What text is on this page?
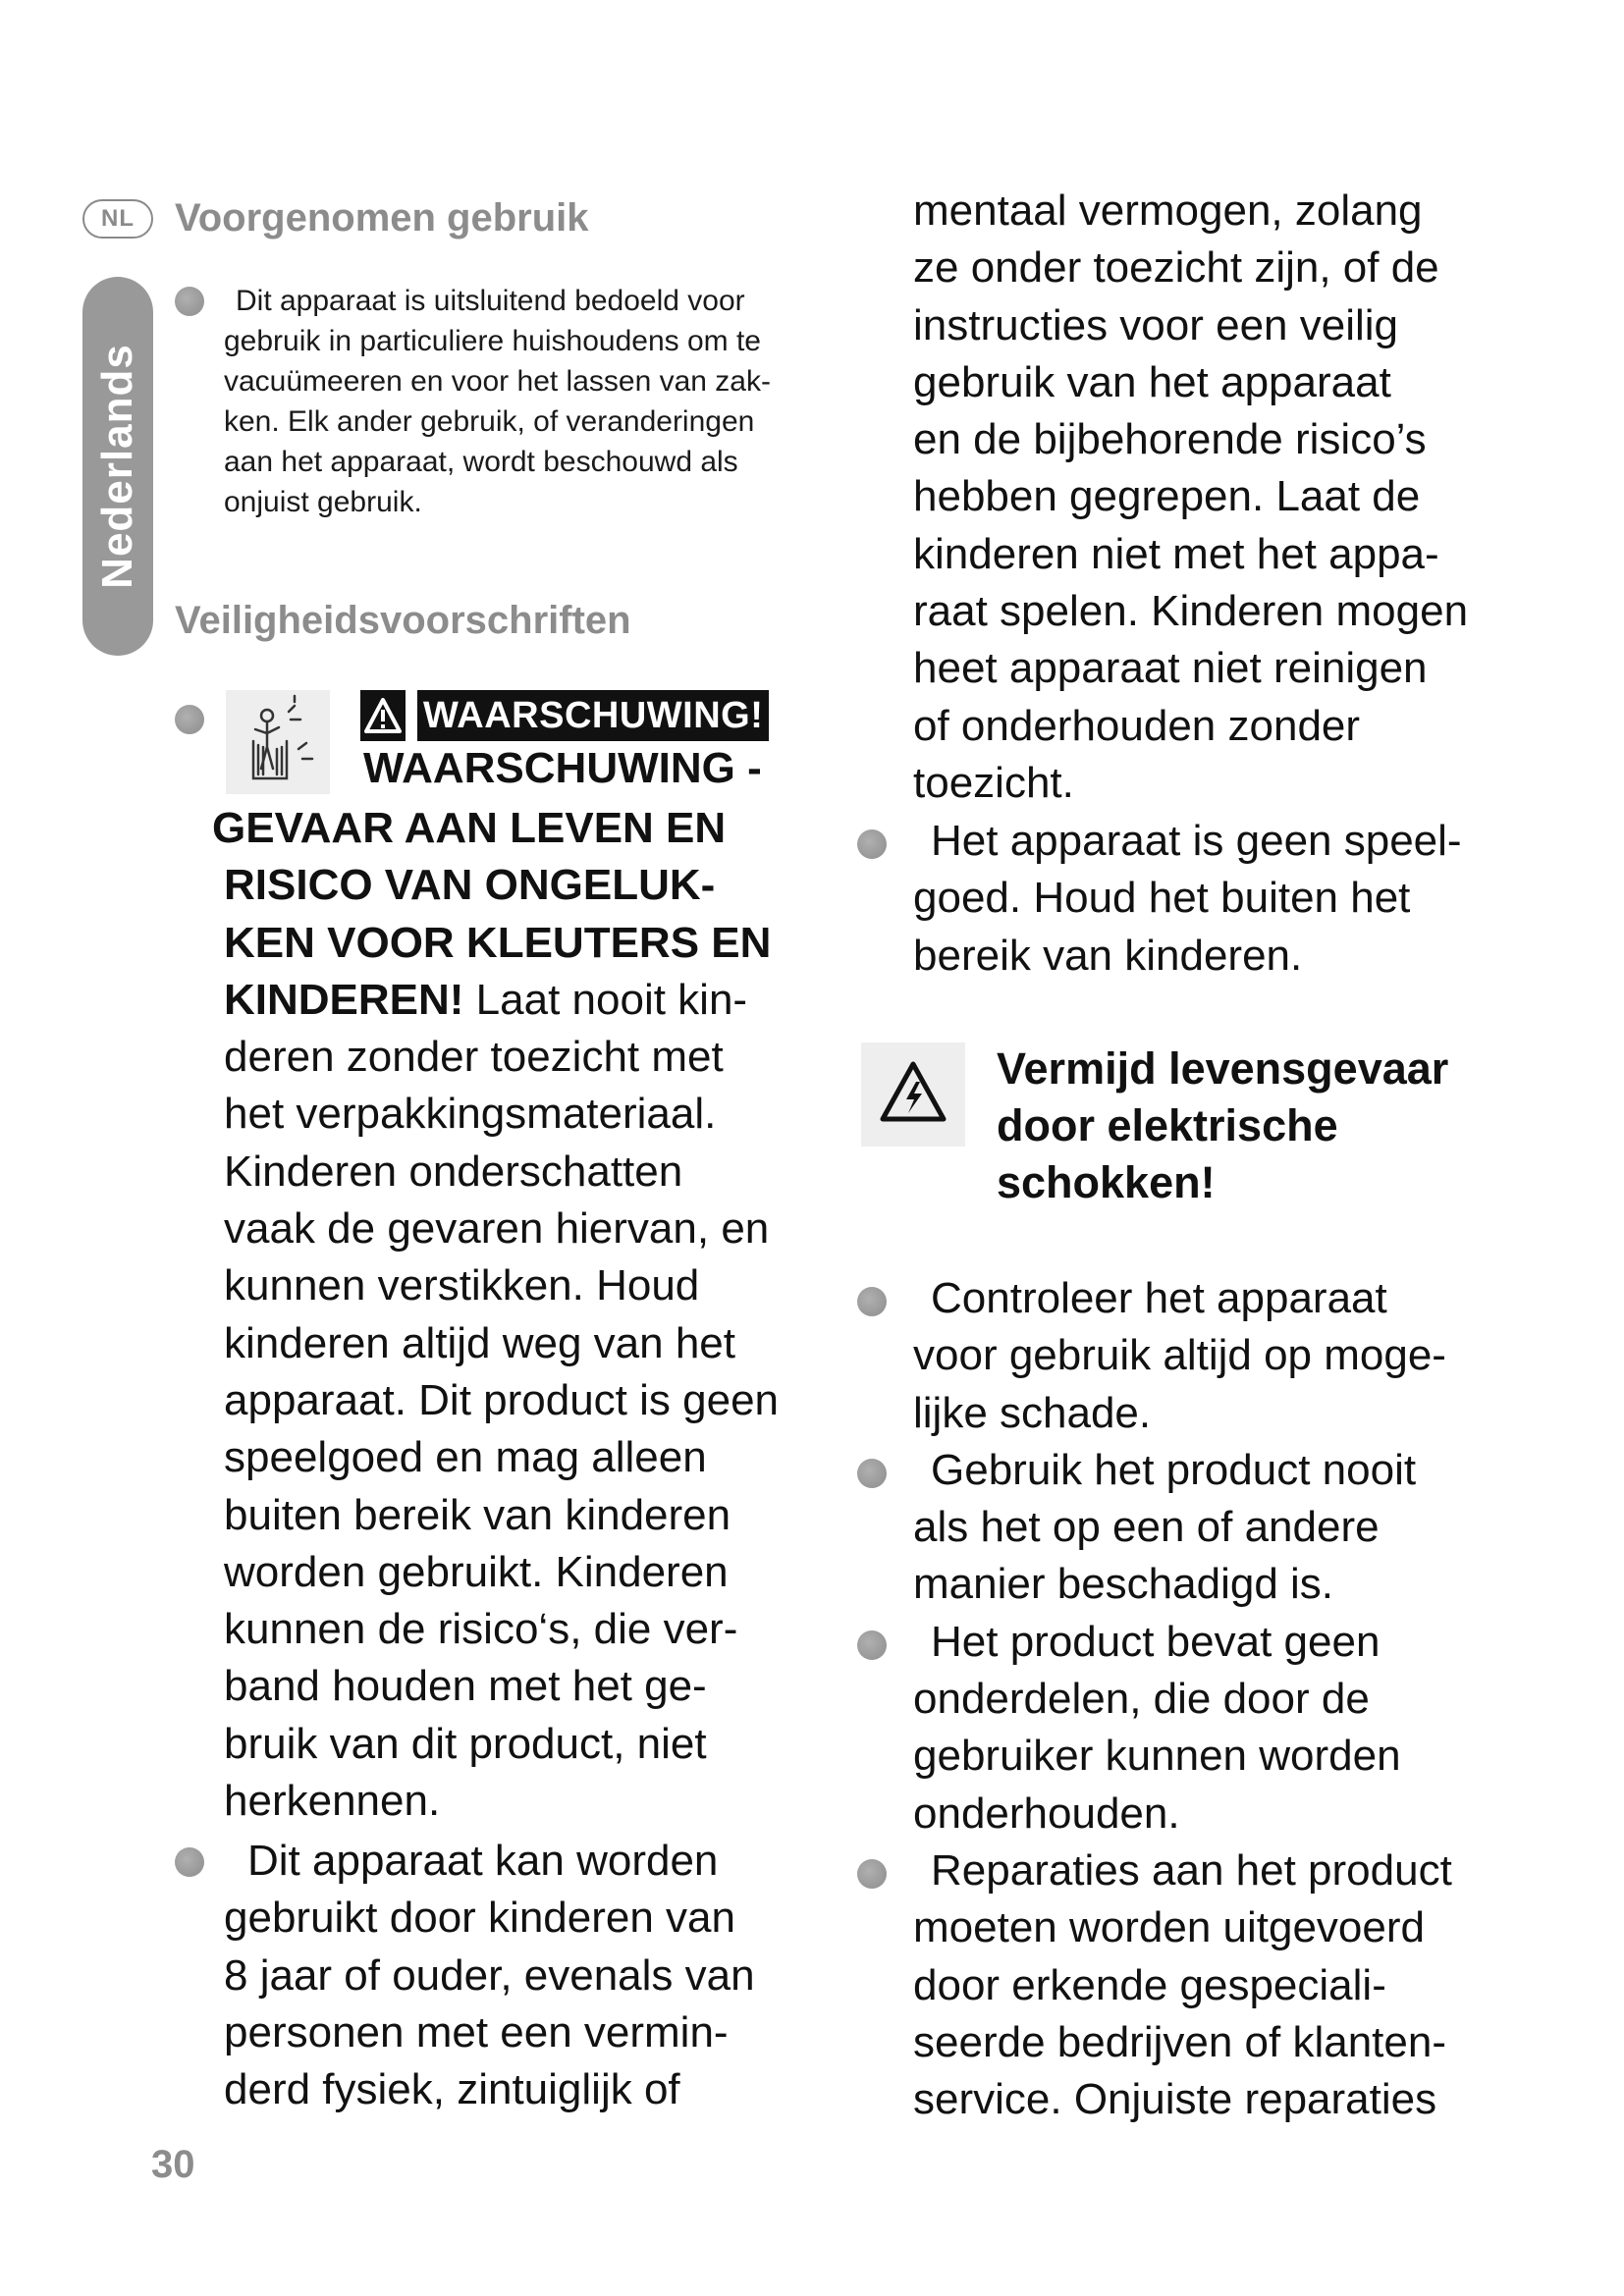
NL	Voorgenomen gebruik
Nederlands
Dit apparaat is uitsluitend bedoeld voor
gebruik in particuliere huishoudens om te
vacuümeeren en voor het lassen van zak-
ken. Elk ander gebruik, of veranderingen
aan het apparaat, wordt beschouwd als
onjuist gebruik.
Veiligheidsvoorschriften
WAARSCHUWING!
WAARSCHUWING -
GEVAAR AAN LEVEN EN
RISICO VAN ONGELUK-
KEN VOOR KLEUTERS EN
KINDEREN! Laat nooit kin-
deren zonder toezicht met
het verpakkingsmateriaal.
Kinderen onderschatten
vaak de gevaren hiervan, en
kunnen verstikken. Houd
kinderen altijd weg van het
apparaat. Dit product is geen
speelgoed en mag alleen
buiten bereik van kinderen
worden gebruikt. Kinderen
kunnen de risico‘s, die ver-
band houden met het ge-
bruik van dit product, niet
herkennen.
Dit apparaat kan worden
gebruikt door kinderen van
8 jaar of ouder, evenals van
personen met een vermin-
derd fysiek, zintuiglijk of
mentaal vermogen, zolang
ze onder toezicht zijn, of de
instructies voor een veilig
gebruik van het apparaat
en de bijbehorende risico’s
hebben gegrepen. Laat de
kinderen niet met het appa-
raat spelen. Kinderen mogen
heet apparaat niet reinigen
of onderhouden zonder
toezicht.
Het apparaat is geen speel-
goed. Houd het buiten het
bereik van kinderen.
Vermijd levensgevaar
door elektrische
schokken!
Controleer het apparaat
voor gebruik altijd op moge-
lijke schade.
Gebruik het product nooit
als het op een of andere
manier beschadigd is.
Het product bevat geen
onderdelen, die door de
gebruiker kunnen worden
onderhouden.
Reparaties aan het product
moeten worden uitgevoerd
door erkende gespeciali-
seerde bedrijven of klanten-
service. Onjuiste reparaties
30
